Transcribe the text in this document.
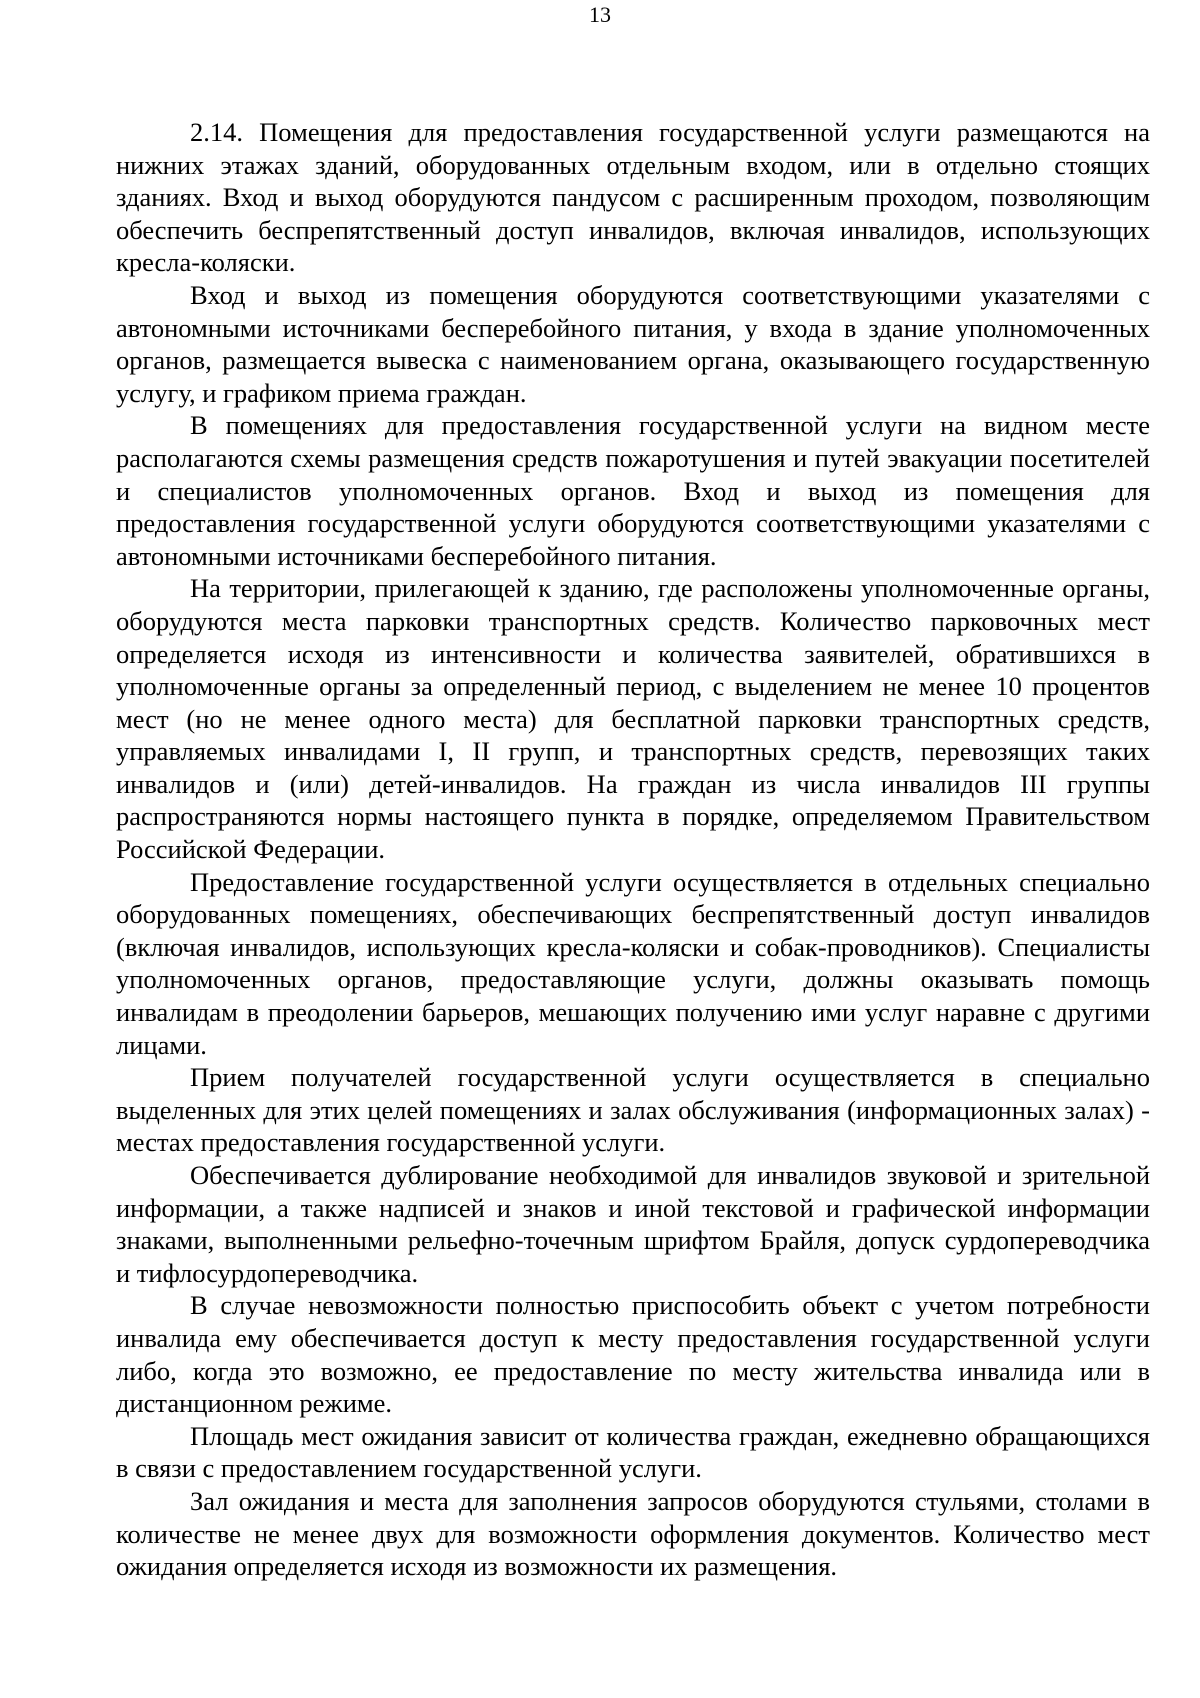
13

2.14. Помещения для предоставления государственной услуги размещаются на нижних этажах зданий, оборудованных отдельным входом, или в отдельно стоящих зданиях. Вход и выход оборудуются пандусом с расширенным проходом, позволяющим обеспечить беспрепятственный доступ инвалидов, включая инвалидов, использующих кресла-коляски.

Вход и выход из помещения оборудуются соответствующими указателями с автономными источниками бесперебойного питания, у входа в здание уполномоченных органов, размещается вывеска с наименованием органа, оказывающего государственную услугу, и графиком приема граждан.

В помещениях для предоставления государственной услуги на видном месте располагаются схемы размещения средств пожаротушения и путей эвакуации посетителей и специалистов уполномоченных органов. Вход и выход из помещения для предоставления государственной услуги оборудуются соответствующими указателями с автономными источниками бесперебойного питания.

На территории, прилегающей к зданию, где расположены уполномоченные органы, оборудуются места парковки транспортных средств. Количество парковочных мест определяется исходя из интенсивности и количества заявителей, обратившихся в уполномоченные органы за определенный период, с выделением не менее 10 процентов мест (но не менее одного места) для бесплатной парковки транспортных средств, управляемых инвалидами I, II групп, и транспортных средств, перевозящих таких инвалидов и (или) детей-инвалидов. На граждан из числа инвалидов III группы распространяются нормы настоящего пункта в порядке, определяемом Правительством Российской Федерации.

Предоставление государственной услуги осуществляется в отдельных специально оборудованных помещениях, обеспечивающих беспрепятственный доступ инвалидов (включая инвалидов, использующих кресла-коляски и собак-проводников). Специалисты уполномоченных органов, предоставляющие услуги, должны оказывать помощь инвалидам в преодолении барьеров, мешающих получению ими услуг наравне с другими лицами.

Прием получателей государственной услуги осуществляется в специально выделенных для этих целей помещениях и залах обслуживания (информационных залах) - местах предоставления государственной услуги.

Обеспечивается дублирование необходимой для инвалидов звуковой и зрительной информации, а также надписей и знаков и иной текстовой и графической информации знаками, выполненными рельефно-точечным шрифтом Брайля, допуск сурдопереводчика и тифлосурдопереводчика.

В случае невозможности полностью приспособить объект с учетом потребности инвалида ему обеспечивается доступ к месту предоставления государственной услуги либо, когда это возможно, ее предоставление по месту жительства инвалида или в дистанционном режиме.

Площадь мест ожидания зависит от количества граждан, ежедневно обращающихся в связи с предоставлением государственной услуги.

Зал ожидания и места для заполнения запросов оборудуются стульями, столами в количестве не менее двух для возможности оформления документов. Количество мест ожидания определяется исходя из возможности их размещения.
